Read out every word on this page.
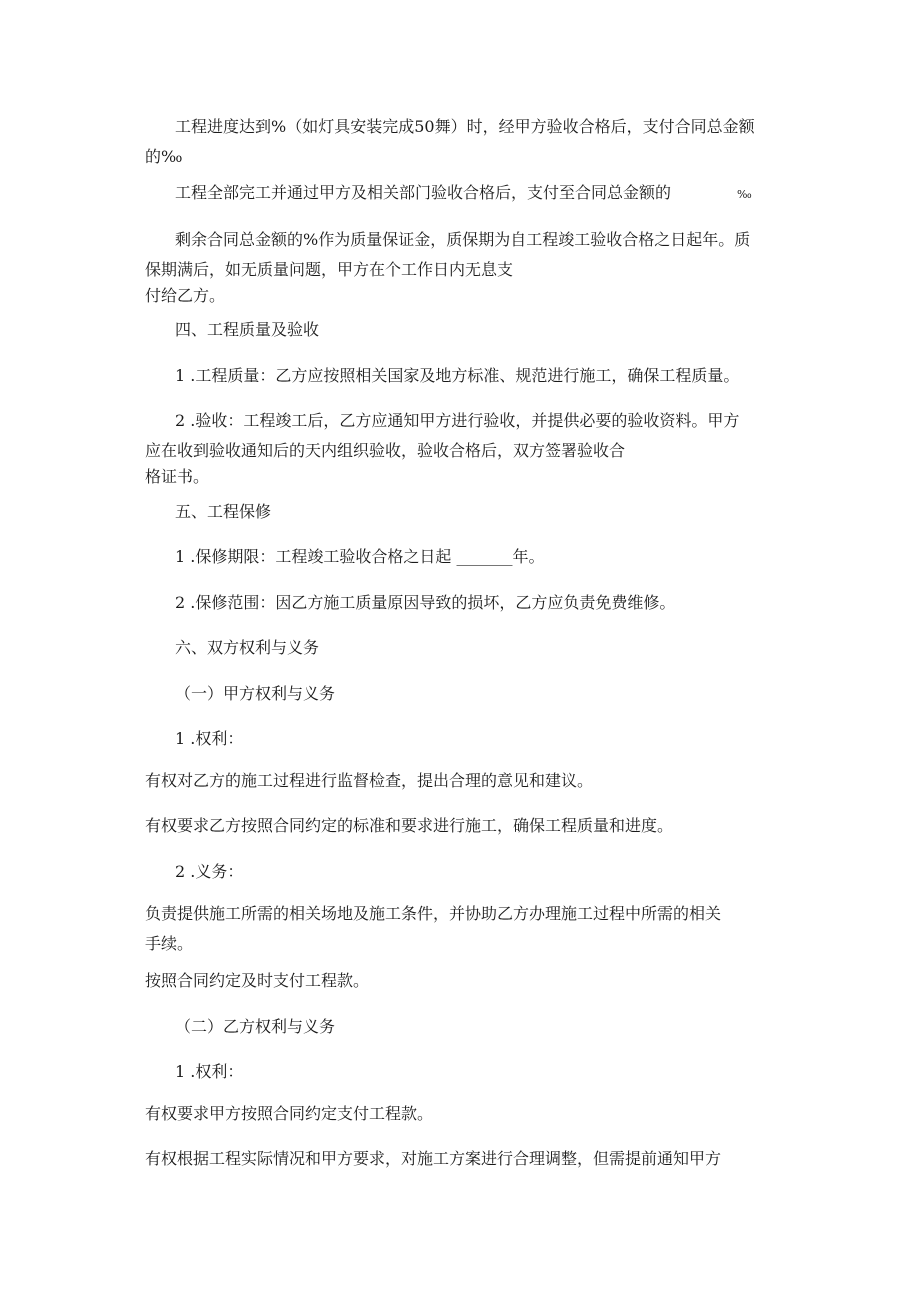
工程进度达到%（如灯具安装完成50舞）时，经甲方验收合格后，支付合同总金额
的‰

工程全部完工并通过甲方及相关部门验收合格后，支付至合同总金额的	‰

剩余合同总金额的%作为质量保证金，质保期为自工程竣工验收合格之日起年。质
保期满后，如无质量问题，甲方在个工作日内无息支
付给乙方。

四、工程质量及验收

1 .工程质量：乙方应按照相关国家及地方标准、规范进行施工，确保工程质量。

2 .验收：工程竣工后，乙方应通知甲方进行验收，并提供必要的验收资料。甲方
应在收到验收通知后的天内组织验收，验收合格后，双方签署验收合
格证书。

五、工程保修

1 .保修期限：工程竣工验收合格之日起 _______年。

2 .保修范围：因乙方施工质量原因导致的损坏，乙方应负责免费维修。

六、双方权利与义务

（一）甲方权利与义务

1 .权利：

有权对乙方的施工过程进行监督检查，提出合理的意见和建议。

有权要求乙方按照合同约定的标准和要求进行施工，确保工程质量和进度。

2 .义务：

负责提供施工所需的相关场地及施工条件，并协助乙方办理施工过程中所需的相关
手续。

按照合同约定及时支付工程款。

（二）乙方权利与义务

1 .权利：

有权要求甲方按照合同约定支付工程款。

有权根据工程实际情况和甲方要求，对施工方案进行合理调整，但需提前通知甲方
